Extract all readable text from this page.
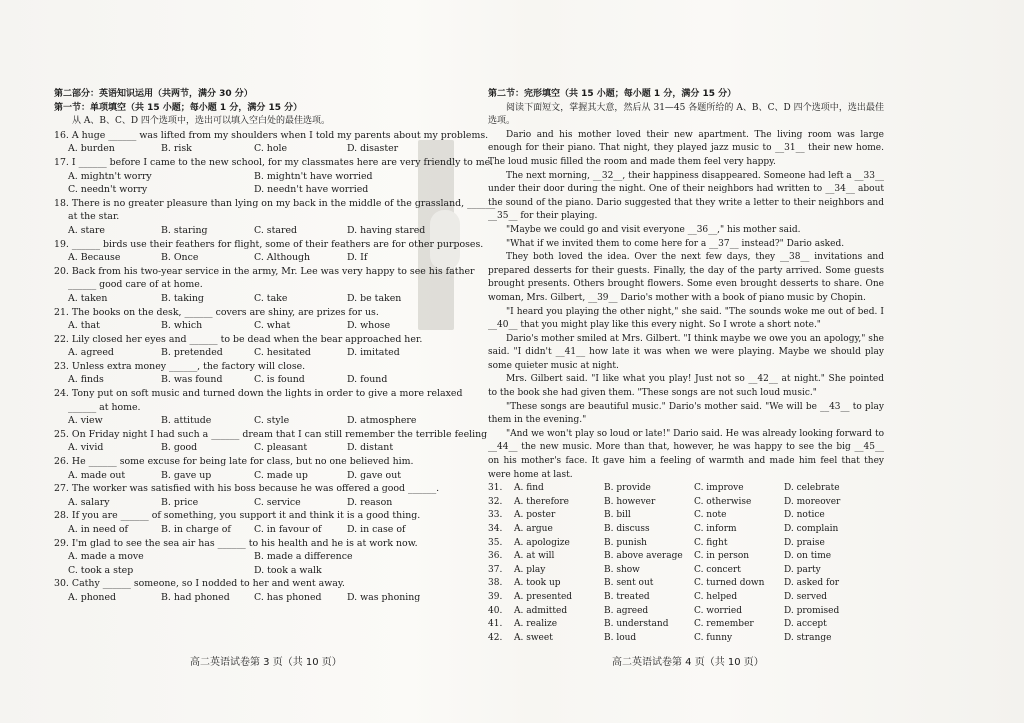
第二部分：英语知识运用（共两节，满分 30 分）
第一节：单项填空（共 15 小题；每小题 1 分，满分 15 分）
从 A、B、C、D 四个选项中，选出可以填入空白处的最佳选项。
16. A huge ______ was lifted from my shoulders when I told my parents about my problems.
A. burden	B. risk	C. hole	D. disaster
17. I ______ before I came to the new school, for my classmates here are very friendly to me.
A. mightn't worry	B. mightn't have worried
C. needn't worry	D. needn't have worried
18. There is no greater pleasure than lying on my back in the middle of the grassland, ______
at the star.
A. stare	B. staring	C. stared	D. having stared
19. ______ birds use their feathers for flight, some of their feathers are for other purposes.
A. Because	B. Once	C. Although	D. If
20. Back from his two-year service in the army, Mr. Lee was very happy to see his father
______ good care of at home.
A. taken	B. taking	C. take	D. be taken
21. The books on the desk, ______ covers are shiny, are prizes for us.
A. that	B. which	C. what	D. whose
22. Lily closed her eyes and ______ to be dead when the bear approached her.
A. agreed	B. pretended	C. hesitated	D. imitated
23. Unless extra money ______, the factory will close.
A. finds	B. was found	C. is found	D. found
24. Tony put on soft music and turned down the lights in order to give a more relaxed
______ at home.
A. view	B. attitude	C. style	D. atmosphere
25. On Friday night I had such a ______ dream that I can still remember the terrible feeling
A. vivid	B. good	C. pleasant	D. distant
26. He ______ some excuse for being late for class, but no one believed him.
A. made out	B. gave up	C. made up	D. gave out
27. The worker was satisfied with his boss because he was offered a good ______.
A. salary	B. price	C. service	D. reason
28. If you are ______ of something, you support it and think it is a good thing.
A. in need of	B. in charge of	C. in favour of	D. in case of
29. I'm glad to see the sea air has ______ to his health and he is at work now.
A. made a move	B. made a difference
C. took a step	D. took a walk
30. Cathy ______ someone, so I nodded to her and went away.
A. phoned	B. had phoned	C. has phoned	D. was phoning
第二节：完形填空（共 15 小题；每小题 1 分，满分 15 分）

阅读下面短文，掌握其大意，然后从 31—45 各题所给的 A、B、C、D 四个选项中，选出最佳选项。

Dario and his mother loved their new apartment. The living room was large enough for their piano. That night, they played jazz music to __31__ their new home. The loud music filled the room and made them feel very happy.

The next morning, __32__, their happiness disappeared. Someone had left a __33__ under their door during the night. One of their neighbors had written to __34__ about the sound of the piano. Dario suggested that they write a letter to their neighbors and __35__ for their playing.

"Maybe we could go and visit everyone __36__," his mother said.

"What if we invited them to come here for a __37__ instead?" Dario asked.

They both loved the idea. Over the next few days, they __38__ invitations and prepared desserts for their guests. Finally, the day of the party arrived. Some guests brought presents. Others brought flowers. Some even brought desserts to share. One woman, Mrs. Gilbert, __39__ Dario's mother with a book of piano music by Chopin.

"I heard you playing the other night," she said. "The sounds woke me out of bed. I __40__ that you might play like this every night. So I wrote a short note."

Dario's mother smiled at Mrs. Gilbert. "I think maybe we owe you an apology," she said. "I didn't __41__ how late it was when we were playing. Maybe we should play some quieter music at night.

Mrs. Gilbert said. "I like what you play! Just not so __42__ at night." She pointed to the book she had given them. "These songs are not such loud music."

"These songs are beautiful music." Dario's mother said. "We will be __43__ to play them in the evening."

"And we won't play so loud or late!" Dario said. He was already looking forward to __44__ the new music. More than that, however, he was happy to see the big __45__ on his mother's face. It gave him a feeling of warmth and made him feel that they were home at last.

31.	A. find	B. provide	C. improve	D. celebrate
32.	A. therefore	B. however	C. otherwise	D. moreover
33.	A. poster	B. bill	C. note	D. notice
34.	A. argue	B. discuss	C. inform	D. complain
35.	A. apologize	B. punish	C. fight	D. praise
36.	A. at will	B. above average	C. in person	D. on time
37.	A. play	B. show	C. concert	D. party
38.	A. took up	B. sent out	C. turned down	D. asked for
39.	A. presented	B. treated	C. helped	D. served
40.	A. admitted	B. agreed	C. worried	D. promised
41.	A. realize	B. understand	C. remember	D. accept
42.	A. sweet	B. loud	C. funny	D. strange
高二英语试卷第 3 页（共 10 页）	高二英语试卷第 4 页（共 10 页）
